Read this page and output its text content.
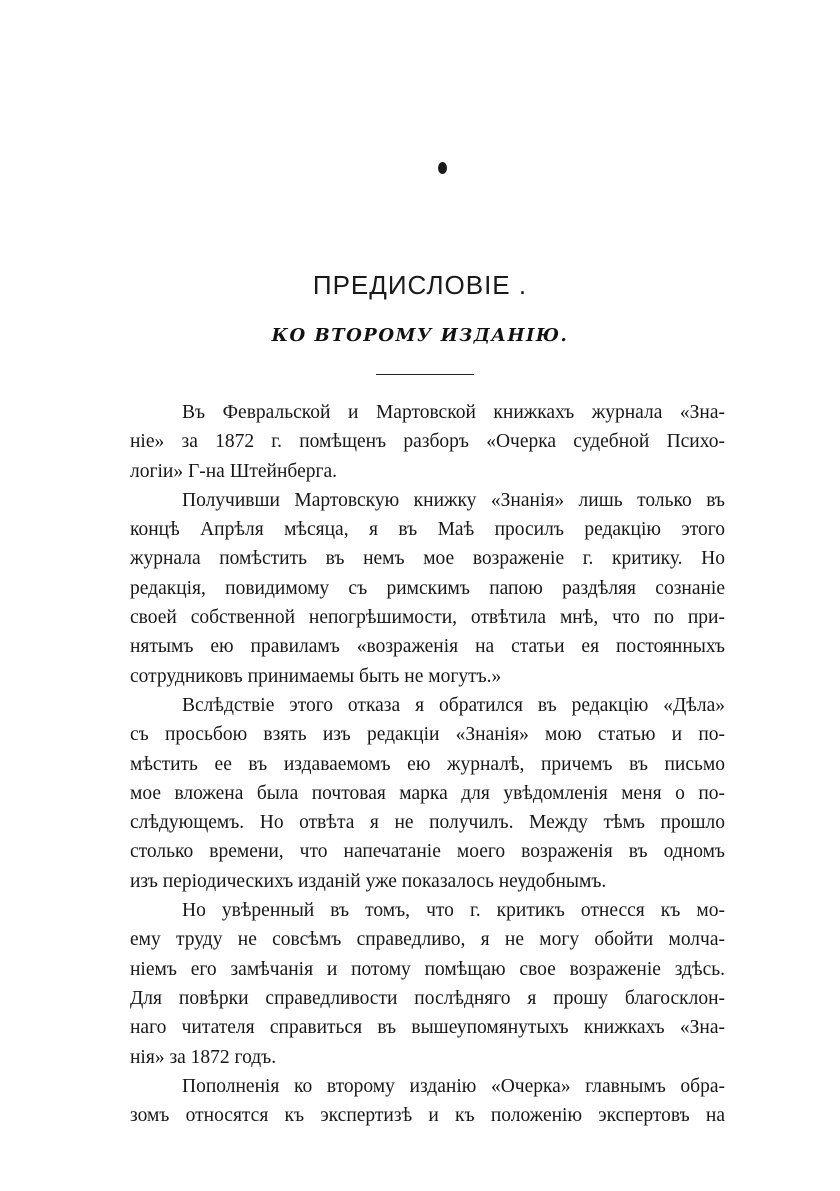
ПРЕДИСЛОВІЕ .
КО ВТОРОМУ ИЗДАНІЮ.
Въ Февральской и Мартовской книжкахъ журнала «Зна-
ніе» за 1872 г. помѣщенъ разборъ «Очерка судебной Психо-
логіи» Г-на Штейнберга.
Получивши Мартовскую книжку «Знанія» лишь только въ
концѣ Апрѣля мѣсяца, я въ Маѣ просилъ редакцію этого
журнала помѣстить въ немъ мое возраженіе г. критику. Но
редакція, повидимому съ римскимъ папою раздѣляя сознаніе
своей собственной непогрѣшимости, отвѣтила мнѣ, что по при-
нятымъ ею правиламъ «возраженія на статьи ея постоянныхъ
сотрудниковъ принимаемы быть не могутъ.»
Вслѣдствіе этого отказа я обратился въ редакцію «Дѣла»
съ просьбою взять изъ редакціи «Знанія» мою статью и по-
мѣстить ее въ издаваемомъ ею журналѣ, причемъ въ письмо
мое вложена была почтовая марка для увѣдомленія меня о по-
слѣдующемъ. Но отвѣта я не получилъ. Между тѣмъ прошло
столько времени, что напечатаніе моего возраженія въ одномъ
изъ періодическихъ изданій уже показалось неудобнымъ.
Но увѣренный въ томъ, что г. критикъ отнесся къ мо-
ему труду не совсѣмъ справедливо, я не могу обойти молча-
ніемъ его замѣчанія и потому помѣщаю свое возраженіе здѣсь.
Для повѣрки справедливости послѣдняго я прошу благосклон-
наго читателя справиться въ вышеупомянутыхъ книжкахъ «Зна-
нія» за 1872 годъ.
Пополненія ко второму изданію «Очерка» главнымъ обра-
зомъ относятся къ экспертизѣ и къ положенію экспертовъ на
